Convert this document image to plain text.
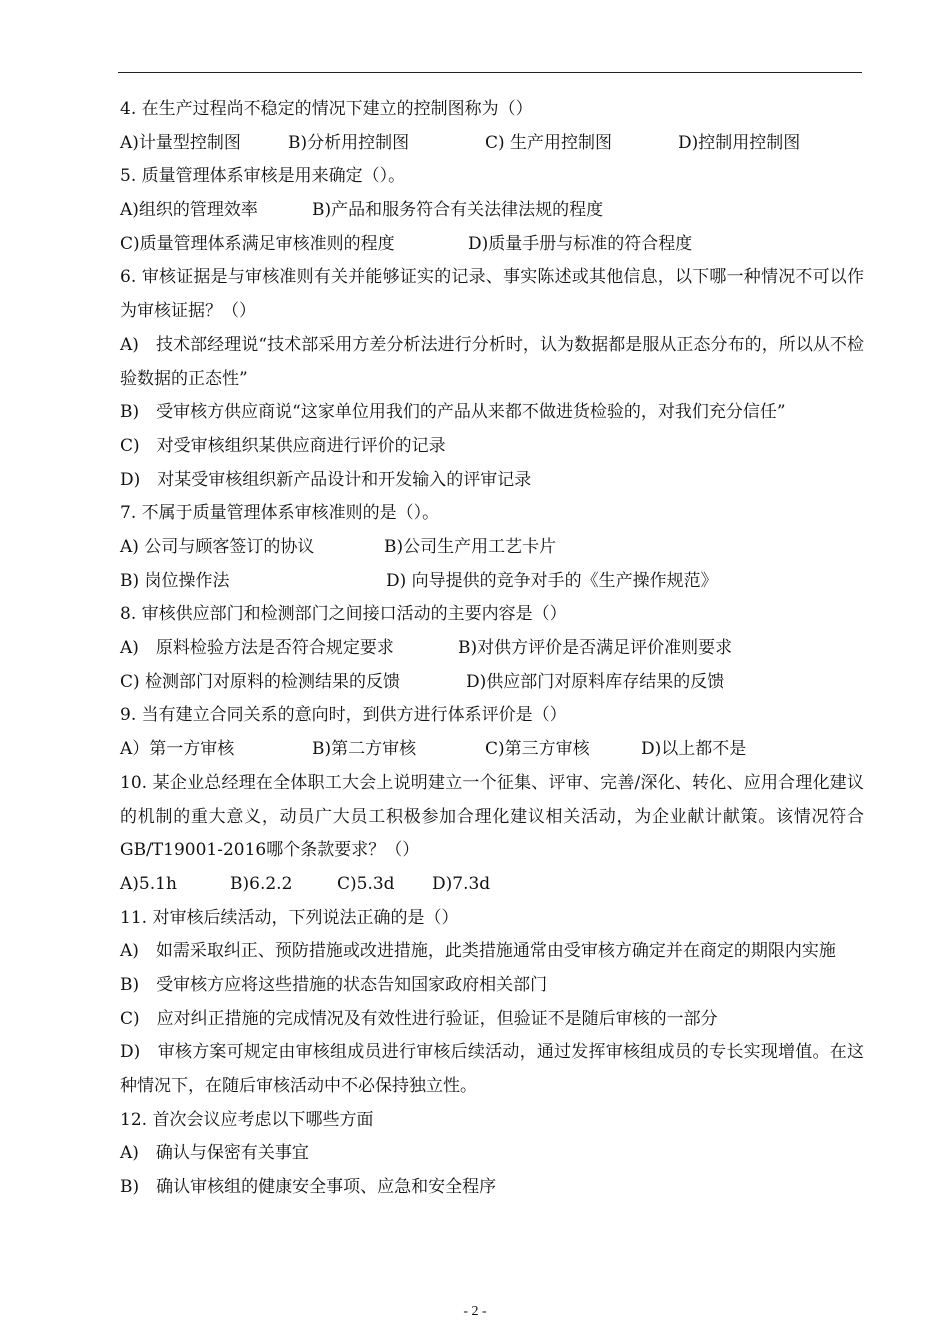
4. 在生产过程尚不稳定的情况下建立的控制图称为（）
A)计量型控制图	B)分析用控制图	C) 生产用控制图	D)控制用控制图
5. 质量管理体系审核是用来确定（）。
A)组织的管理效率	B)产品和服务符合有关法律法规的程度
C)质量管理体系满足审核准则的程度	D)质量手册与标准的符合程度
6. 审核证据是与审核准则有关并能够证实的记录、事实陈述或其他信息，以下哪一种情况不可以作为审核证据？（）
A)　技术部经理说“技术部采用方差分析法进行分析时，认为数据都是服从正态分布的，所以从不检验数据的正态性”
B)　受审核方供应商说“这家单位用我们的产品从来都不做进货检验的，对我们充分信任”
C)　对受审核组织某供应商进行评价的记录
D)　对某受审核组织新产品设计和开发输入的评审记录
7. 不属于质量管理体系审核准则的是（）。
A) 公司与顾客签订的协议	B)公司生产用工艺卡片
B) 岗位操作法	D) 向导提供的竞争对手的《生产操作规范》
8. 审核供应部门和检测部门之间接口活动的主要内容是（）
A)　原料检验方法是否符合规定要求	B)对供方评价是否满足评价准则要求
C) 检测部门对原料的检测结果的反馈	D)供应部门对原料库存结果的反馈
9. 当有建立合同关系的意向时，到供方进行体系评价是（）
A）第一方审核	B)第二方审核	C)第三方审核	D)以上都不是
10. 某企业总经理在全体职工大会上说明建立一个征集、评审、完善/深化、转化、应用合理化建议的机制的重大意义，动员广大员工积极参加合理化建议相关活动，为企业献计献策。该情况符合GB/T19001-2016哪个条款要求？（）
A)5.1h	B)6.2.2	C)5.3d D)7.3d
11. 对审核后续活动，下列说法正确的是（）
A)　如需采取纠正、预防措施或改进措施，此类措施通常由受审核方确定并在商定的期限内实施
B)　受审核方应将这些措施的状态告知国家政府相关部门
C)　应对纠正措施的完成情况及有效性进行验证，但验证不是随后审核的一部分
D)　审核方案可规定由审核组成员进行审核后续活动，通过发挥审核组成员的专长实现增值。在这种情况下，在随后审核活动中不必保持独立性。
12. 首次会议应考虑以下哪些方面
A)　确认与保密有关事宜
B)　确认审核组的健康安全事项、应急和安全程序
- 2 -
